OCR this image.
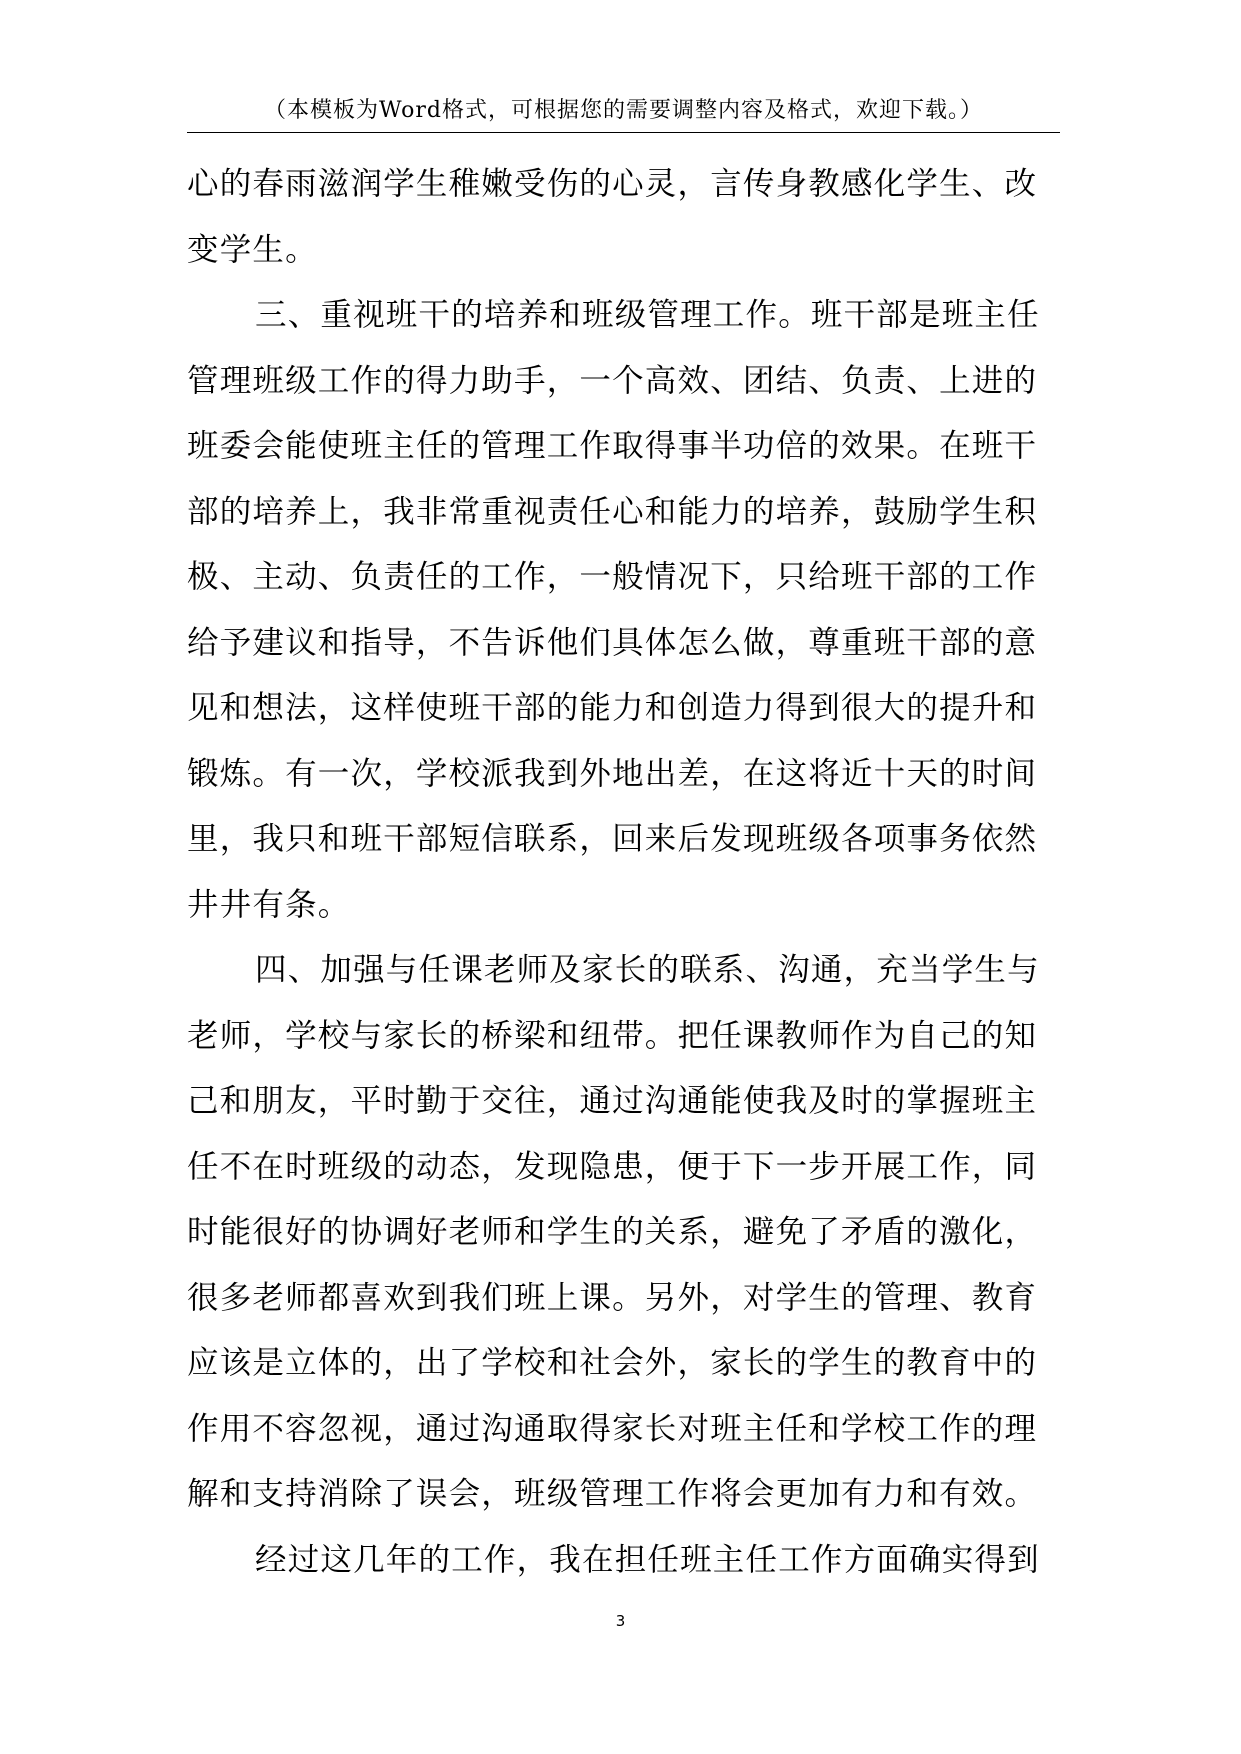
（本模板为Word格式，可根据您的需要调整内容及格式，欢迎下载。）
心的春雨滋润学生稚嫩受伤的心灵，言传身教感化学生、改
变学生。
三、重视班干的培养和班级管理工作。班干部是班主任
管理班级工作的得力助手，一个高效、团结、负责、上进的
班委会能使班主任的管理工作取得事半功倍的效果。在班干
部的培养上，我非常重视责任心和能力的培养，鼓励学生积
极、主动、负责任的工作，一般情况下，只给班干部的工作
给予建议和指导，不告诉他们具体怎么做，尊重班干部的意
见和想法，这样使班干部的能力和创造力得到很大的提升和
锻炼。有一次，学校派我到外地出差，在这将近十天的时间
里，我只和班干部短信联系，回来后发现班级各项事务依然
井井有条。
四、加强与任课老师及家长的联系、沟通，充当学生与
老师，学校与家长的桥梁和纽带。把任课教师作为自己的知
己和朋友，平时勤于交往，通过沟通能使我及时的掌握班主
任不在时班级的动态，发现隐患，便于下一步开展工作，同
时能很好的协调好老师和学生的关系，避免了矛盾的激化，
很多老师都喜欢到我们班上课。另外，对学生的管理、教育
应该是立体的，出了学校和社会外，家长的学生的教育中的
作用不容忽视，通过沟通取得家长对班主任和学校工作的理
解和支持消除了误会，班级管理工作将会更加有力和有效。
经过这几年的工作，我在担任班主任工作方面确实得到
3
